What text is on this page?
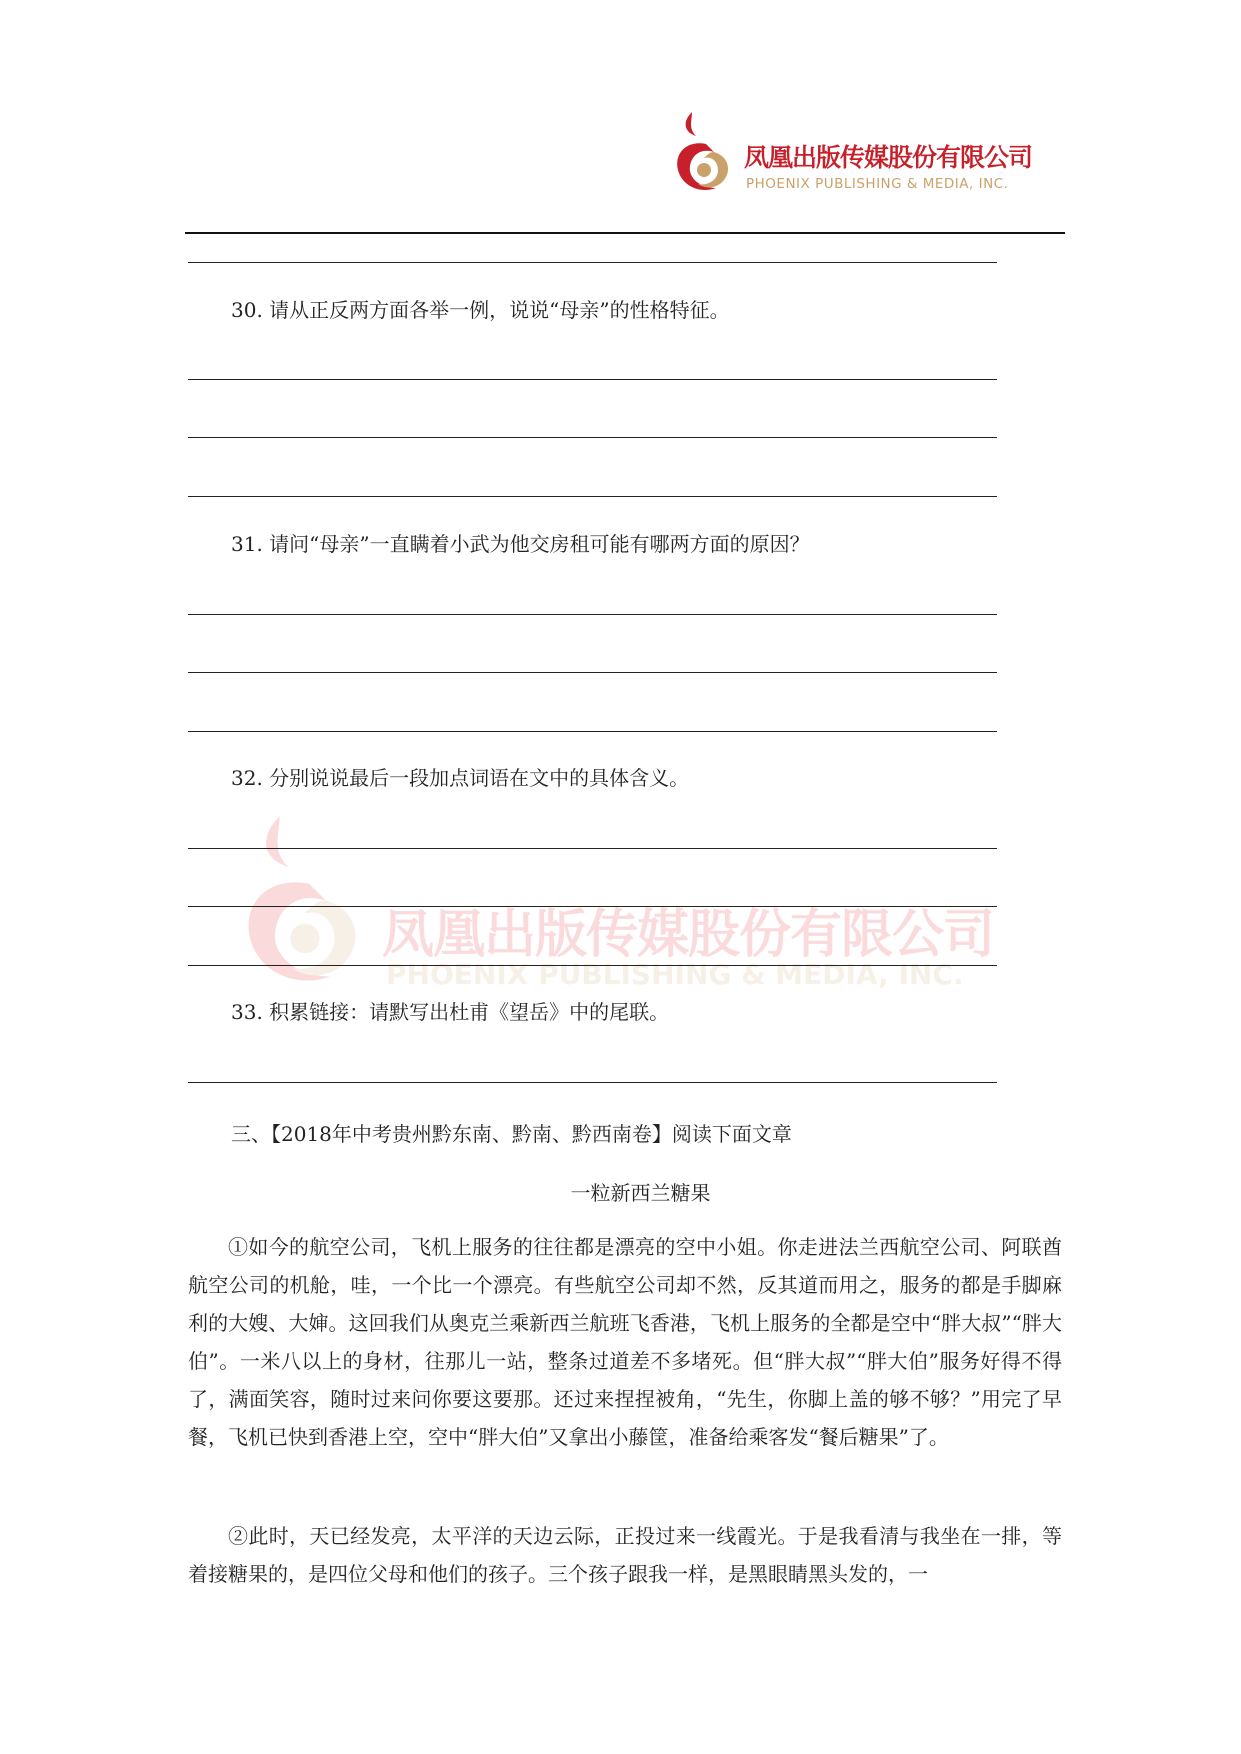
凤凰出版传媒股份有限公司
PHOENIX PUBLISHING & MEDIA, INC.
凤凰出版传媒股份有限公司
PHOENIX PUBLISHING & MEDIA, INC.
30. 请从正反两方面各举一例，说说“母亲”的性格特征。
31. 请问“母亲”一直瞒着小武为他交房租可能有哪两方面的原因？
32. 分别说说最后一段加点词语在文中的具体含义。
33. 积累链接：请默写出杜甫《望岳》中的尾联。
三、【2018年中考贵州黔东南、黔南、黔西南卷】阅读下面文章
一粒新西兰糖果

①如今的航空公司，飞机上服务的往往都是漂亮的空中小姐。你走进法兰西航空公司、阿联酋航空公司的机舱，哇，一个比一个漂亮。有些航空公司却不然，反其道而用之，服务的都是手脚麻利的大嫂、大婶。这回我们从奥克兰乘新西兰航班飞香港，飞机上服务的全都是空中“胖大叔”“胖大伯”。一米八以上的身材，往那儿一站，整条过道差不多堵死。但“胖大叔”“胖大伯”服务好得不得了，满面笑容，随时过来问你要这要那。还过来捏捏被角，“先生，你脚上盖的够不够？”用完了早餐，飞机已快到香港上空，空中“胖大伯”又拿出小藤筐，准备给乘客发“餐后糖果”了。

②此时，天已经发亮，太平洋的天边云际，正投过来一线霞光。于是我看清与我坐在一排，等着接糖果的，是四位父母和他们的孩子。三个孩子跟我一样，是黑眼睛黑头发的，一
